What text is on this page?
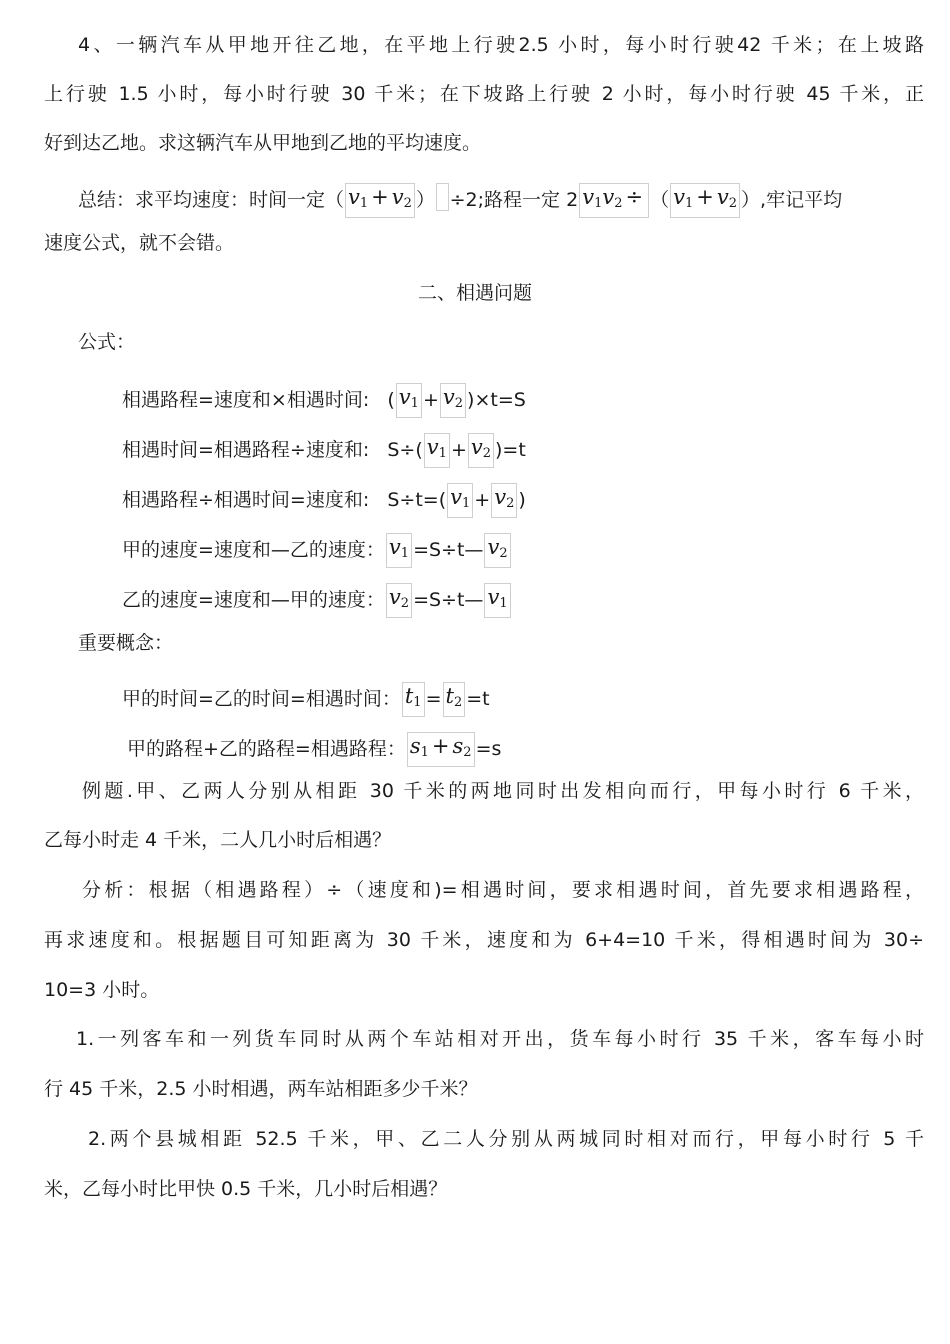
4、一辆汽车从甲地开往乙地，在平地上行驶2.5 小时，每小时行驶42 千米；在上坡路
上行驶 1.5 小时，每小时行驶 30 千米；在下坡路上行驶 2 小时，每小时行驶 45 千米，正
好到达乙地。求这辆汽车从甲地到乙地的平均速度。
总结：求平均速度：时间一定（ $v_1 + v_2$ ） ÷2;路程一定 2 $v_1v_2$ ÷ （ $v_1 + v_2$ ）,牢记平均
速度公式，就不会错。
二、相遇问题
公式：
相遇路程=速度和×相遇时间: ( $v_1 + v_2$ )×t=S
相遇时间=相遇路程÷速度和: S÷( $v_1 + v_2$ )=t
相遇路程÷相遇时间=速度和: S÷t=( $v_1 + v_2$ )
甲的速度=速度和—乙的速度： $v_1$ =S÷t— $v_2$
乙的速度=速度和—甲的速度： $v_2$ =S÷t— $v_1$
重要概念：
甲的时间=乙的时间=相遇时间： $t_1 = t_2 =t$
甲的路程+乙的路程=相遇路程： $s_1 + s_2 =s$
例题.甲、乙两人分别从相距 30 千米的两地同时出发相向而行，甲每小时行 6 千米，
乙每小时走 4 千米，二人几小时后相遇？
分析：根据（相遇路程）÷（速度和)=相遇时间，要求相遇时间，首先要求相遇路程，
再求速度和。根据题目可知距离为 30 千米，速度和为 6+4=10 千米，得相遇时间为 30÷
10=3 小时。
1.一列客车和一列货车同时从两个车站相对开出，货车每小时行 35 千米，客车每小时
行 45 千米，2.5 小时相遇，两车站相距多少千米？
2.两个县城相距 52.5 千米，甲、乙二人分别从两城同时相对而行，甲每小时行 5 千
米，乙每小时比甲快 0.5 千米，几小时后相遇？
